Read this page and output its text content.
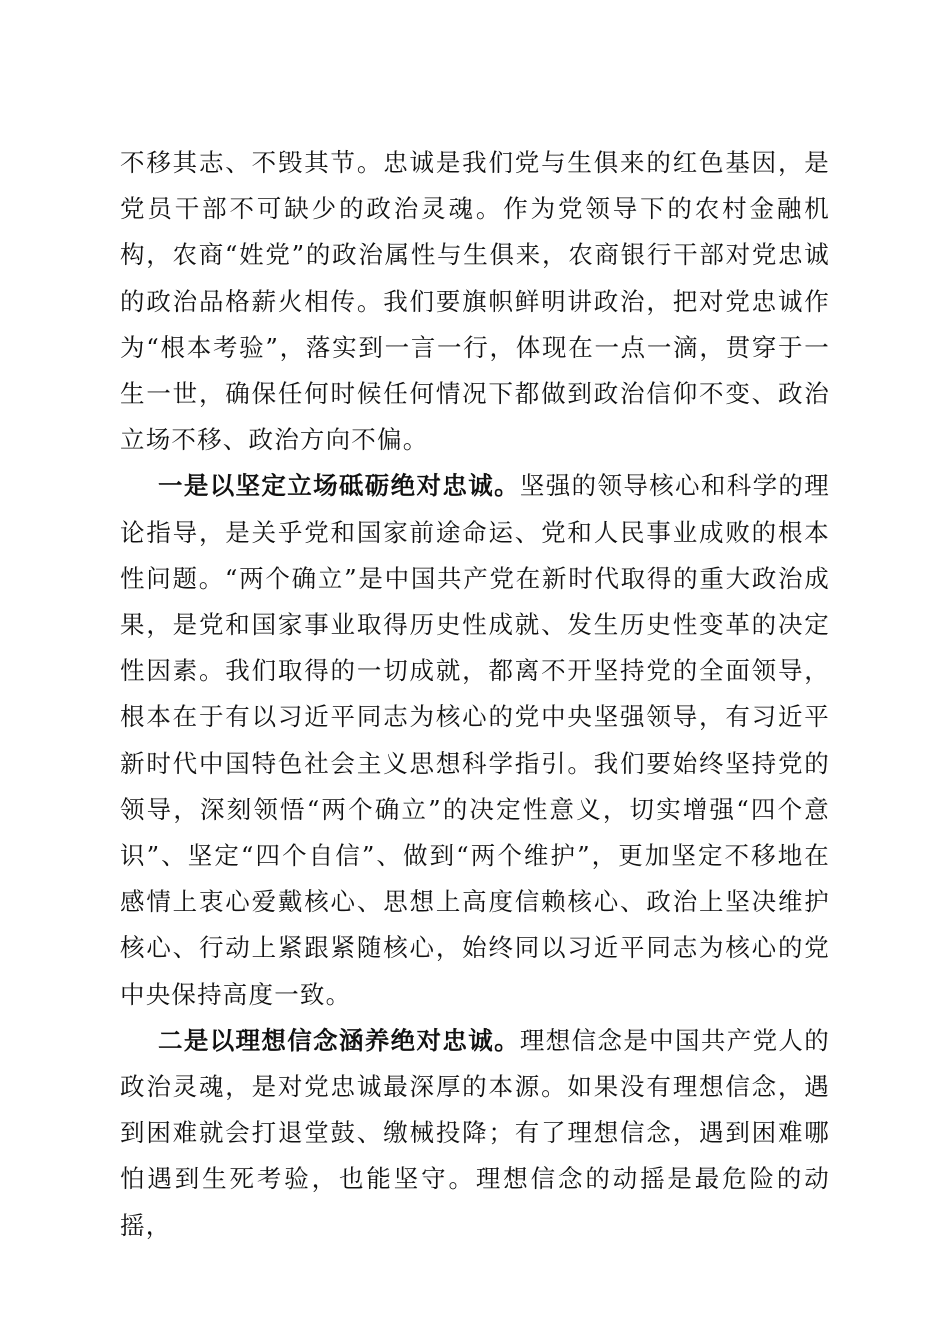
不移其志、不毁其节。忠诚是我们党与生俱来的红色基因，是党员干部不可缺少的政治灵魂。作为党领导下的农村金融机构，农商“姓党”的政治属性与生俱来，农商银行干部对党忠诚的政治品格薪火相传。我们要旗帜鲜明讲政治，把对党忠诚作为“根本考验”，落实到一言一行，体现在一点一滴，贯穿于一生一世，确保任何时候任何情况下都做到政治信仰不变、政治立场不移、政治方向不偏。

一是以坚定立场砥砺绝对忠诚。坚强的领导核心和科学的理论指导，是关乎党和国家前途命运、党和人民事业成败的根本性问题。“两个确立”是中国共产党在新时代取得的重大政治成果，是党和国家事业取得历史性成就、发生历史性变革的决定性因素。我们取得的一切成就，都离不开坚持党的全面领导，根本在于有以习近平同志为核心的党中央坚强领导，有习近平新时代中国特色社会主义思想科学指引。我们要始终坚持党的领导，深刻领悟“两个确立”的决定性意义，切实增强“四个意识”、坚定“四个自信”、做到“两个维护”，更加坚定不移地在感情上衷心爱戴核心、思想上高度信赖核心、政治上坚决维护核心、行动上紧跟紧随核心，始终同以习近平同志为核心的党中央保持高度一致。

二是以理想信念涵养绝对忠诚。理想信念是中国共产党人的政治灵魂，是对党忠诚最深厚的本源。如果没有理想信念，遇到困难就会打退堂鼓、缴械投降；有了理想信念，遇到困难哪怕遇到生死考验，也能坚守。理想信念的动摇是最危险的动摇，
